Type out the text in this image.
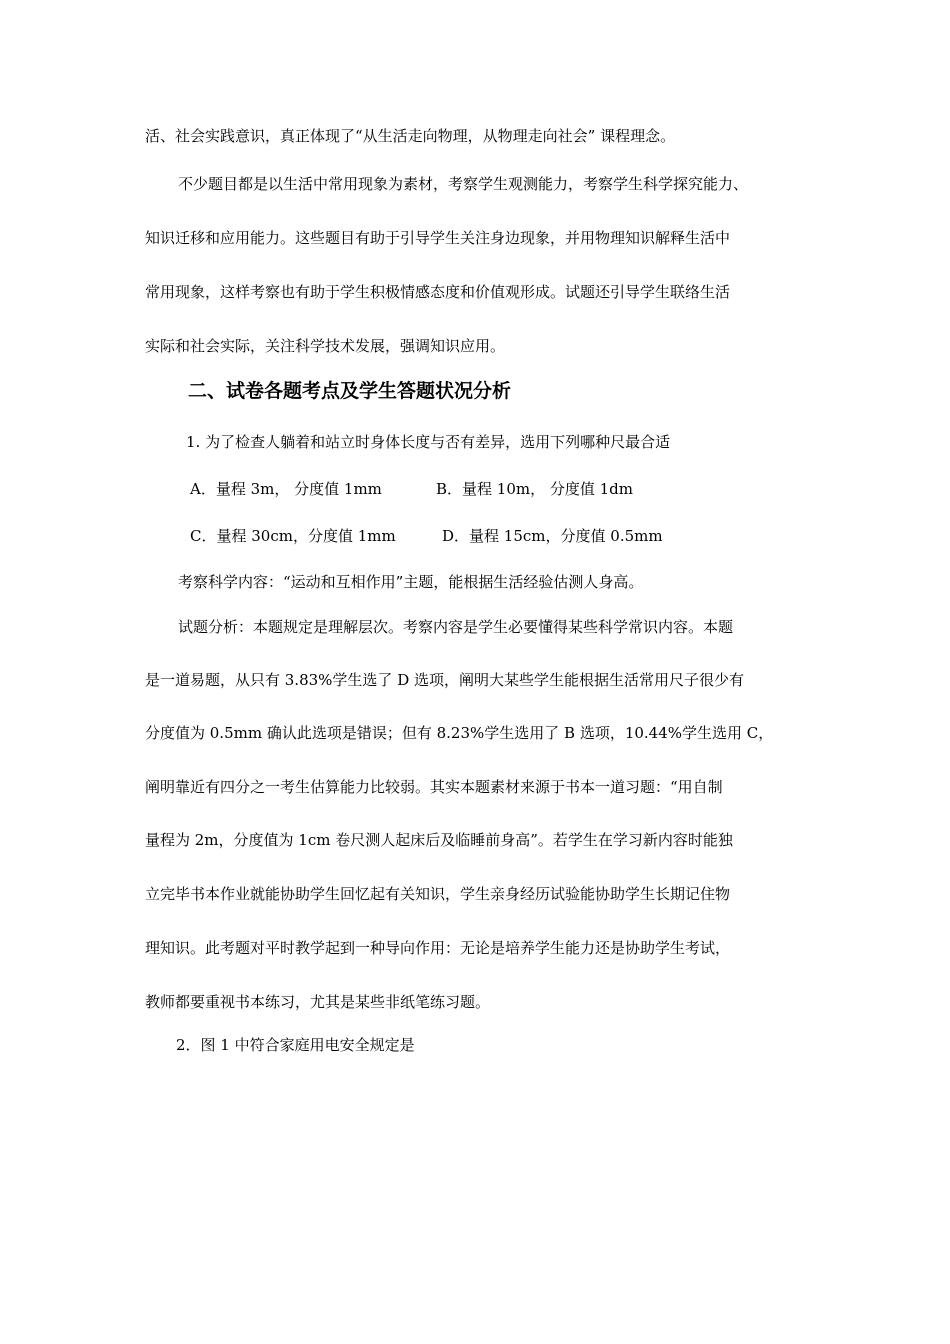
活、社会实践意识，真正体现了“从生活走向物理，从物理走向社会” 课程理念。
不少题目都是以生活中常用现象为素材，考察学生观测能力，考察学生科学探究能力、
知识迁移和应用能力。这些题目有助于引导学生关注身边现象，并用物理知识解释生活中
常用现象，这样考察也有助于学生积极情感态度和价值观形成。试题还引导学生联络生活
实际和社会实际，关注科学技术发展，强调知识应用。
二、试卷各题考点及学生答题状况分析
1. 为了检查人躺着和站立时身体长度与否有差异，选用下列哪种尺最合适
A．量程 3m， 分度值 1mm	B．量程 10m， 分度值 1dm
C．量程 30cm，分度值 1mm	D．量程 15cm，分度值 0.5mm
考察科学内容：“运动和互相作用”主题，能根据生活经验估测人身高。
试题分析：本题规定是理解层次。考察内容是学生必要懂得某些科学常识内容。本题
是一道易题，从只有 3.83%学生选了 D 选项，阐明大某些学生能根据生活常用尺子很少有
分度值为 0.5mm 确认此选项是错误；但有 8.23%学生选用了 B 选项，10.44%学生选用 C，
阐明靠近有四分之一考生估算能力比较弱。其实本题素材来源于书本一道习题：“用自制
量程为 2m，分度值为 1cm 卷尺测人起床后及临睡前身高”。若学生在学习新内容时能独
立完毕书本作业就能协助学生回忆起有关知识，学生亲身经历试验能协助学生长期记住物
理知识。此考题对平时教学起到一种导向作用：无论是培养学生能力还是协助学生考试，
教师都要重视书本练习，尤其是某些非纸笔练习题。
2．图 1 中符合家庭用电安全规定是
